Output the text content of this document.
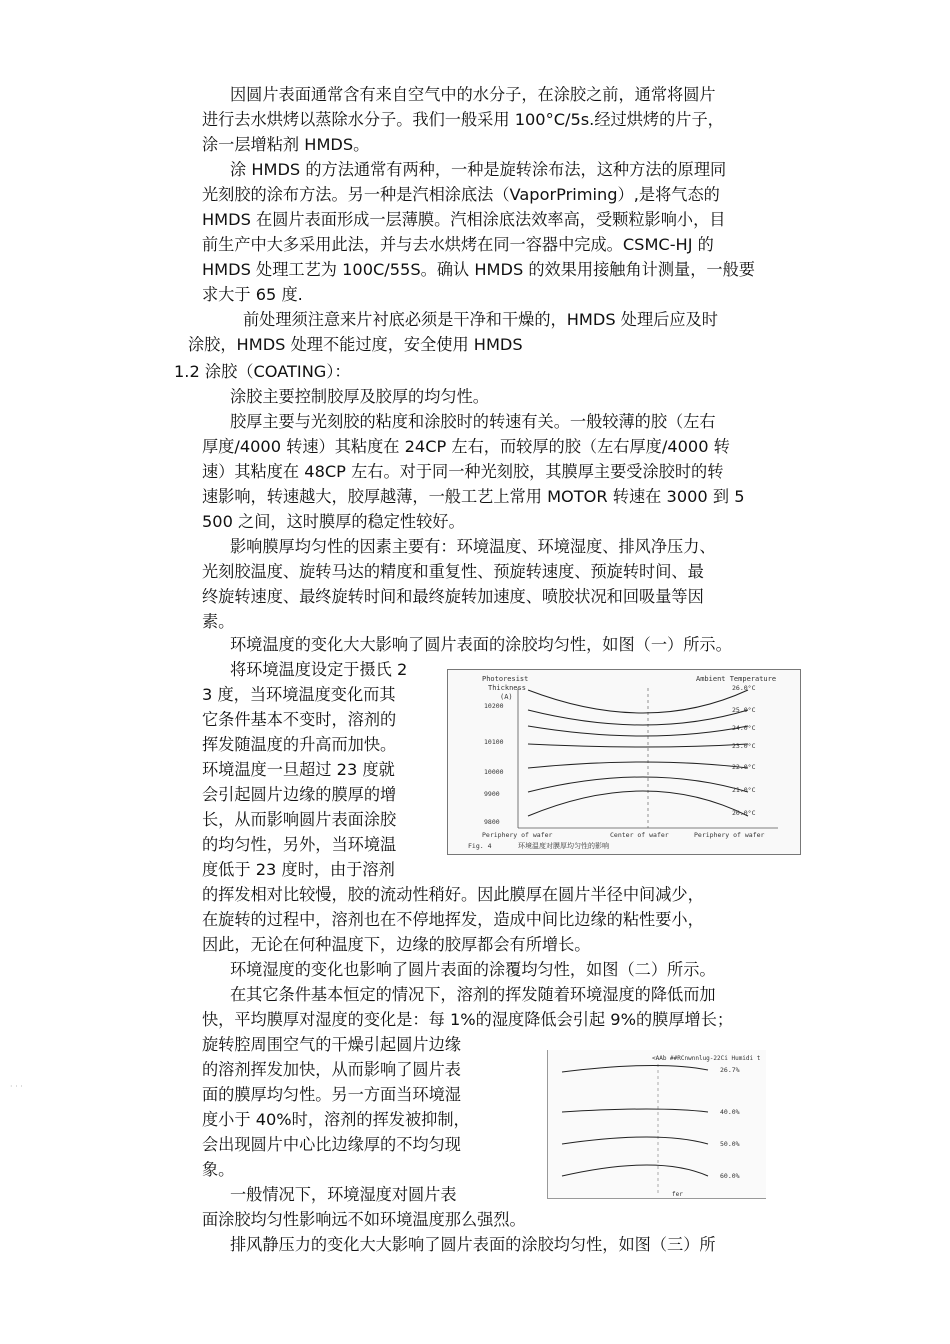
因圆片表面通常含有来自空气中的水分子，在涂胶之前，通常将圆片
进行去水烘烤以蒸除水分子。我们一般采用 100°C/5s.经过烘烤的片子，
涂一层增粘剂 HMDS。
涂 HMDS 的方法通常有两种，一种是旋转涂布法，这种方法的原理同
光刻胶的涂布方法。另一种是汽相涂底法（VaporPriming）,是将气态的
HMDS 在圆片表面形成一层薄膜。汽相涂底法效率高，受颗粒影响小，目
前生产中大多采用此法，并与去水烘烤在同一容器中完成。CSMC-HJ 的
HMDS 处理工艺为 100C/55S。确认 HMDS 的效果用接触角计测量，一般要
求大于 65 度.
前处理须注意来片衬底必须是干净和干燥的，HMDS 处理后应及时
涂胶，HMDS 处理不能过度，安全使用 HMDS
1.2 涂胶（COATING）：
涂胶主要控制胶厚及胶厚的均匀性。
胶厚主要与光刻胶的粘度和涂胶时的转速有关。一般较薄的胶（左右
厚度/4000 转速）其粘度在 24CP 左右，而较厚的胶（左右厚度/4000 转
速）其粘度在 48CP 左右。对于同一种光刻胶，其膜厚主要受涂胶时的转
速影响，转速越大，胶厚越薄，一般工艺上常用 MOTOR 转速在 3000 到 5
500 之间，这时膜厚的稳定性较好。
影响膜厚均匀性的因素主要有：环境温度、环境湿度、排风净压力、
光刻胶温度、旋转马达的精度和重复性、预旋转速度、预旋转时间、最
终旋转速度、最终旋转时间和最终旋转加速度、喷胶状况和回吸量等因
素。
环境温度的变化大大影响了圆片表面的涂胶均匀性，如图（一）所示。
将环境温度设定于摄氏 2
3 度，当环境温度变化而其
它条件基本不变时，溶剂的
挥发随温度的升高而加快。
环境温度一旦超过 23 度就
会引起圆片边缘的膜厚的增
长，从而影响圆片表面涂胶
的均匀性，另外，当环境温
度低于 23 度时，由于溶剂
的挥发相对比较慢，胶的流动性稍好。因此膜厚在圆片半径中间减少，
在旋转的过程中，溶剂也在不停地挥发，造成中间比边缘的粘性要小，
因此，无论在何种温度下，边缘的胶厚都会有所增长。
环境湿度的变化也影响了圆片表面的涂覆均匀性，如图（二）所示。
在其它条件基本恒定的情况下，溶剂的挥发随着环境湿度的降低而加
快，平均膜厚对湿度的变化是：每 1%的湿度降低会引起 9%的膜厚增长；
旋转腔周围空气的干燥引起圆片边缘
的溶剂挥发加快，从而影响了圆片表
面的膜厚均匀性。另一方面当环境湿
度小于 40%时，溶剂的挥发被抑制，
会出现圆片中心比边缘厚的不均匀现
象。
一般情况下，环境湿度对圆片表
面涂胶均匀性影响远不如环境温度那么强烈。
排风静压力的变化大大影响了圆片表面的涂胶均匀性，如图（三）所
Photoresist
Thickness
(A)
Ambient Temperature
10200
10100
10000
9900
9800
26.0°C
25.0°C
24.0°C
23.0°C
22.0°C
21.0°C
20.0°C
Periphery of wafer	Center of wafer	Periphery of wafer
Fig. 4	环境温度对膜厚均匀性的影响
<AAb ##RCnwnnlug-22Ci Humidi t
26.7%
40.0%
50.0%
60.0%
fer
· · ·
